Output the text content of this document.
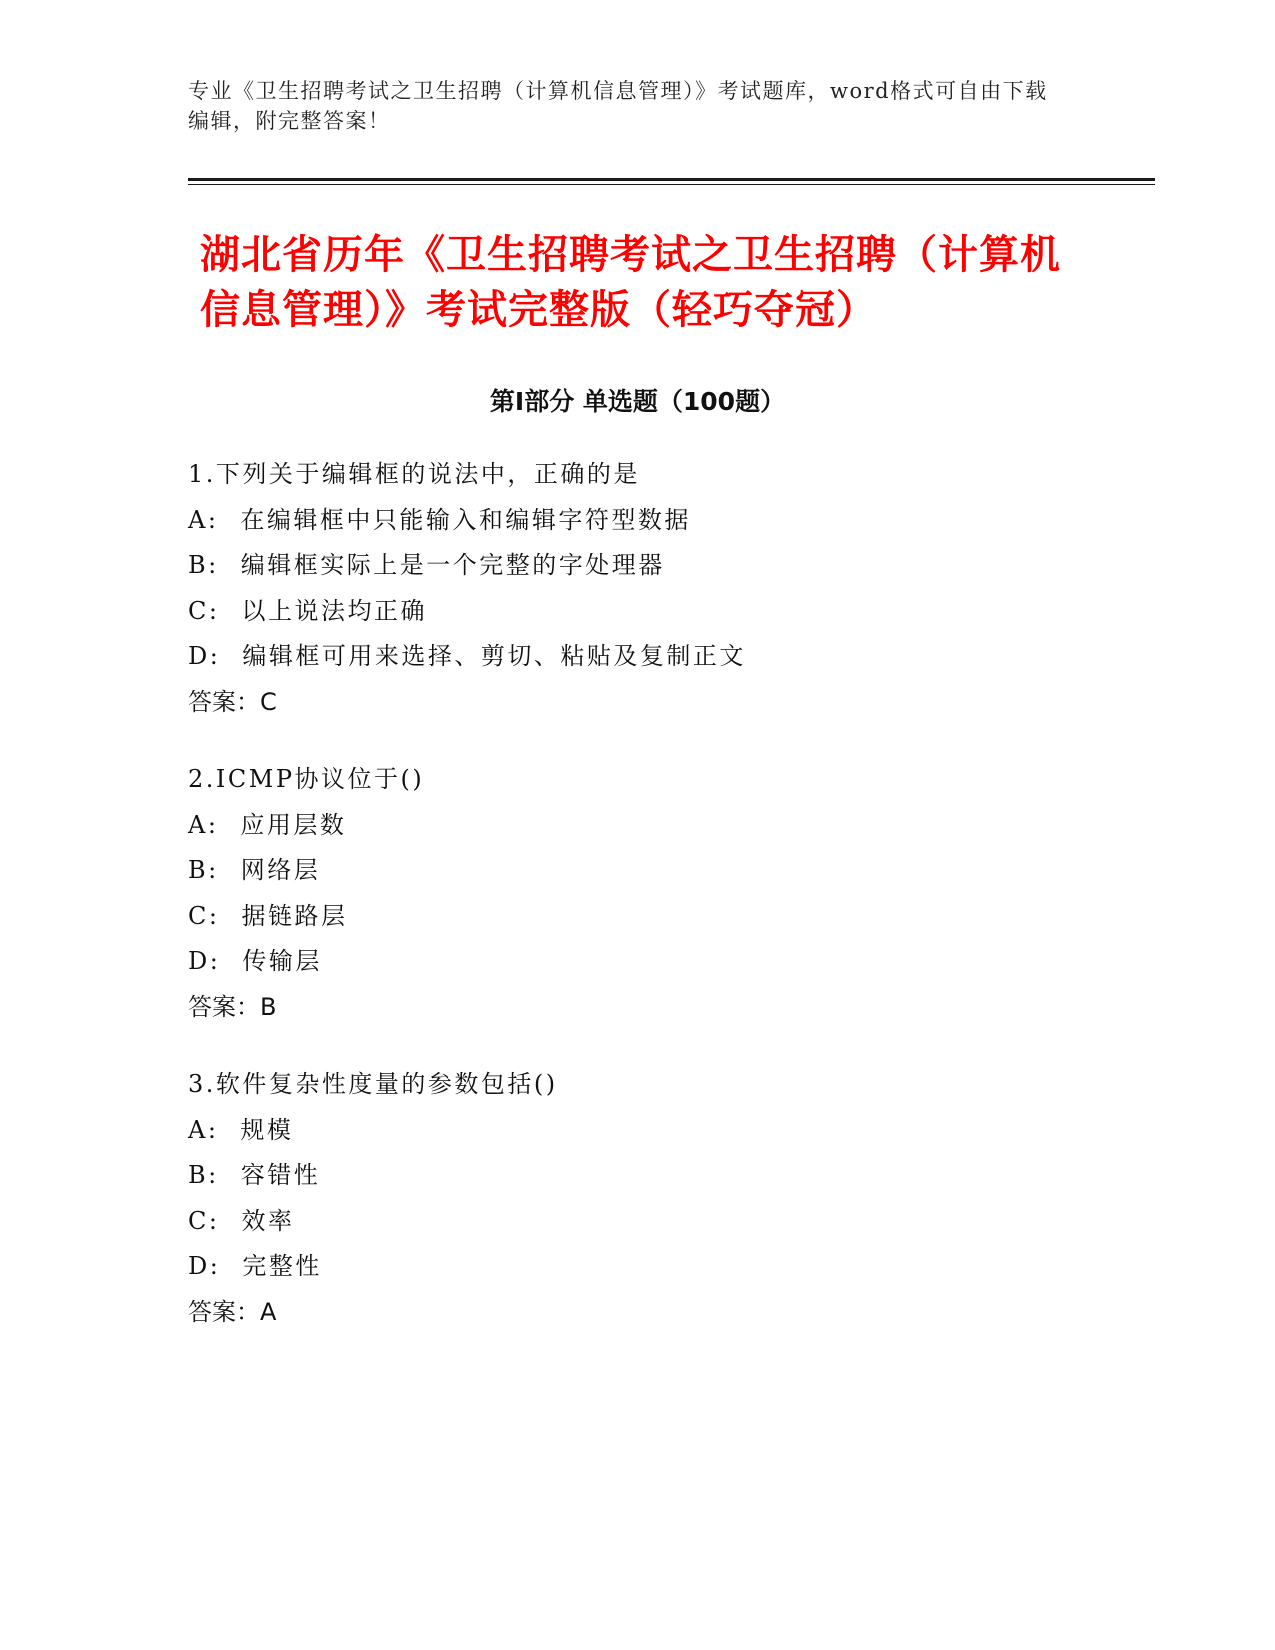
专业《卫生招聘考试之卫生招聘（计算机信息管理）》考试题库，word格式可自由下载编辑，附完整答案！

湖北省历年《卫生招聘考试之卫生招聘（计算机信息管理）》考试完整版（轻巧夺冠）
第Ⅰ部分 单选题（100题）
1.下列关于编辑框的说法中，正确的是
A: 在编辑框中只能输入和编辑字符型数据
B: 编辑框实际上是一个完整的字处理器
C: 以上说法均正确
D: 编辑框可用来选择、剪切、粘贴及复制正文
答案：C
2.ICMP协议位于()
A: 应用层数
B: 网络层
C: 据链路层
D: 传输层
答案：B
3.软件复杂性度量的参数包括()
A: 规模
B: 容错性
C: 效率
D: 完整性
答案：A
